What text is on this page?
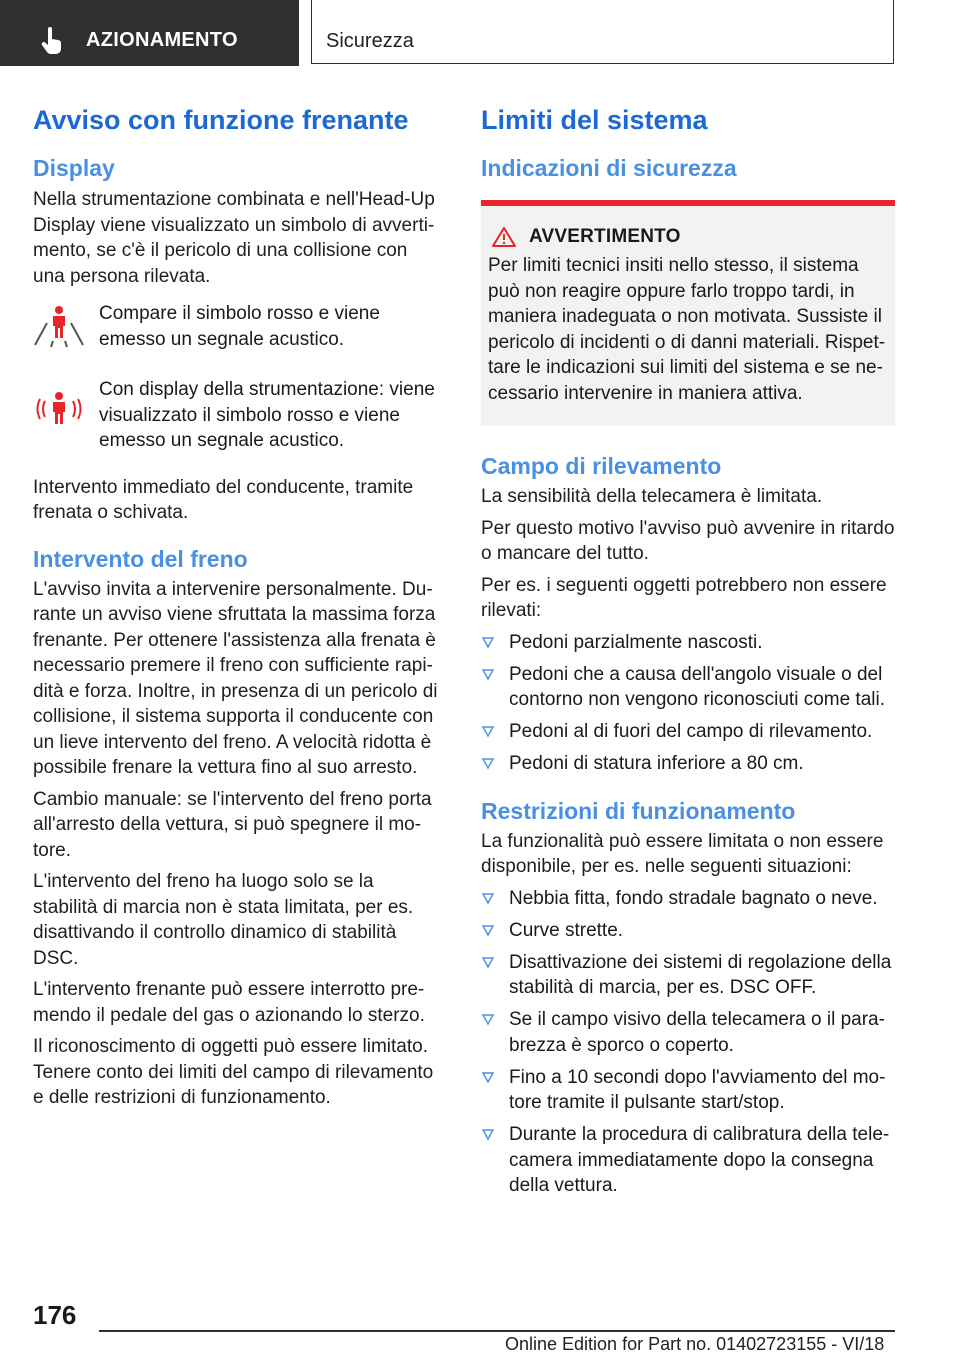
AZIONAMENTO	Sicurezza
Avviso con funzione frenante
Display

Nella strumentazione combinata e nell'Head-Up Display viene visualizzato un simbolo di avvertimento, se c'è il pericolo di una collisione con una persona rilevata.

Compare il simbolo rosso e viene emesso un segnale acustico.
Con display della strumentazione: viene visualizzato il simbolo rosso e viene emesso un segnale acustico.

Intervento immediato del conducente, tramite frenata o schivata.

Intervento del freno

L'avviso invita a intervenire personalmente. Durante un avviso viene sfruttata la massima forza frenante. Per ottenere l'assistenza alla frenata è necessario premere il freno con sufficiente rapidità e forza. Inoltre, in presenza di un pericolo di collisione, il sistema supporta il conducente con un lieve intervento del freno. A velocità ridotta è possibile frenare la vettura fino al suo arresto.

Cambio manuale: se l'intervento del freno porta all'arresto della vettura, si può spegnere il motore.

L'intervento del freno ha luogo solo se la stabilità di marcia non è stata limitata, per es. disattivando il controllo dinamico di stabilità DSC.

L'intervento frenante può essere interrotto premendo il pedale del gas o azionando lo sterzo.

Il riconoscimento di oggetti può essere limitato. Tenere conto dei limiti del campo di rilevamento e delle restrizioni di funzionamento.

Limiti del sistema
Indicazioni di sicurezza
AVVERTIMENTO
Per limiti tecnici insiti nello stesso, il sistema può non reagire oppure farlo troppo tardi, in maniera inadeguata o non motivata. Sussiste il pericolo di incidenti o di danni materiali. Rispettare le indicazioni sui limiti del sistema e se necessario intervenire in maniera attiva.
Campo di rilevamento

La sensibilità della telecamera è limitata.

Per questo motivo l'avviso può avvenire in ritardo o mancare del tutto.

Per es. i seguenti oggetti potrebbero non essere rilevati:

Pedoni parzialmente nascosti.
Pedoni che a causa dell'angolo visuale o del contorno non vengono riconosciuti come tali.
Pedoni al di fuori del campo di rilevamento.
Pedoni di statura inferiore a 80 cm.
Restrizioni di funzionamento

La funzionalità può essere limitata o non essere disponibile, per es. nelle seguenti situazioni:

Nebbia fitta, fondo stradale bagnato o neve.
Curve strette.
Disattivazione dei sistemi di regolazione della stabilità di marcia, per es. DSC OFF.
Se il campo visivo della telecamera o il parabrezza è sporco o coperto.
Fino a 10 secondi dopo l'avviamento del motore tramite il pulsante start/stop.
Durante la procedura di calibratura della telecamera immediatamente dopo la consegna della vettura.
176
Online Edition for Part no. 01402723155 - VI/18
